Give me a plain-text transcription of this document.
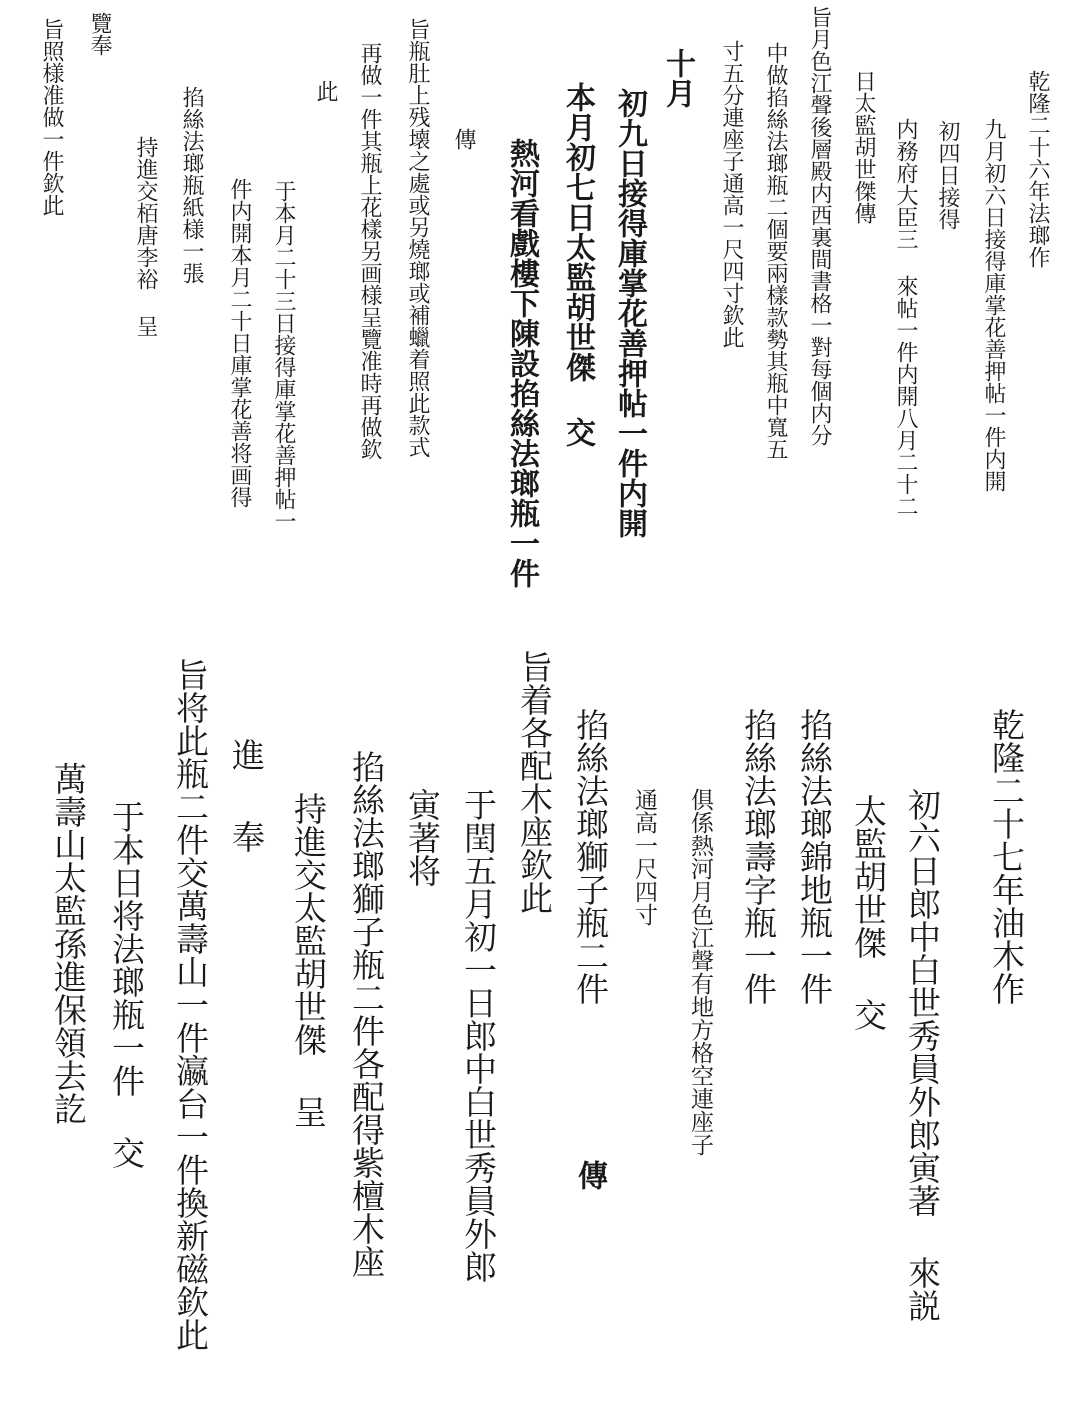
乾隆二十六年法瑯作
九月初六日接得庫掌花善押帖一件内開
初四日接得
内務府大臣三 來帖一件内開八月二十二
日太監胡世傑傳
旨月色江聲後層殿内西裏間書格一對每個内分
中做掐絲法瑯瓶二個要兩樣款勢其瓶中寬五
寸五分連座子通高一尺四寸欽此
十月
初九日接得庫掌花善押帖一件内開
本月初七日太監胡世傑 交
熱河看戲樓下陳設掐絲法瑯瓶一件
傳
旨瓶肚上残壊之處或另燒瑯或補蠟着照此款式
再做一件其瓶上花樣另画様呈覽准時再做欽
此
于本月二十三日接得庫掌花善押帖一
件内開本月二十日庫掌花善将画得
掐絲法瑯瓶紙様一張
持進交栢唐李裕 呈
覽奉
旨照様准做一件欽此
乾隆二十七年油木作
初六日郎中白世秀員外郎寅著 來説
太監胡世傑 交
掐絲法瑯錦地瓶一件
掐絲法瑯壽字瓶一件
俱係熱河月色江聲有地方格空連座子
通高一尺四寸
掐絲法瑯獅子瓶二件
傳
旨着各配木座欽此
于閏五月初一日郎中白世秀員外郎
寅著将
掐絲法瑯獅子瓶二件各配得紫檀木座
持進交太監胡世傑 呈
進
奉
旨将此瓶二件交萬壽山一件瀛台一件換新磁欽此
于本日将法瑯瓶一件 交
萬壽山太監孫進保領去訖
